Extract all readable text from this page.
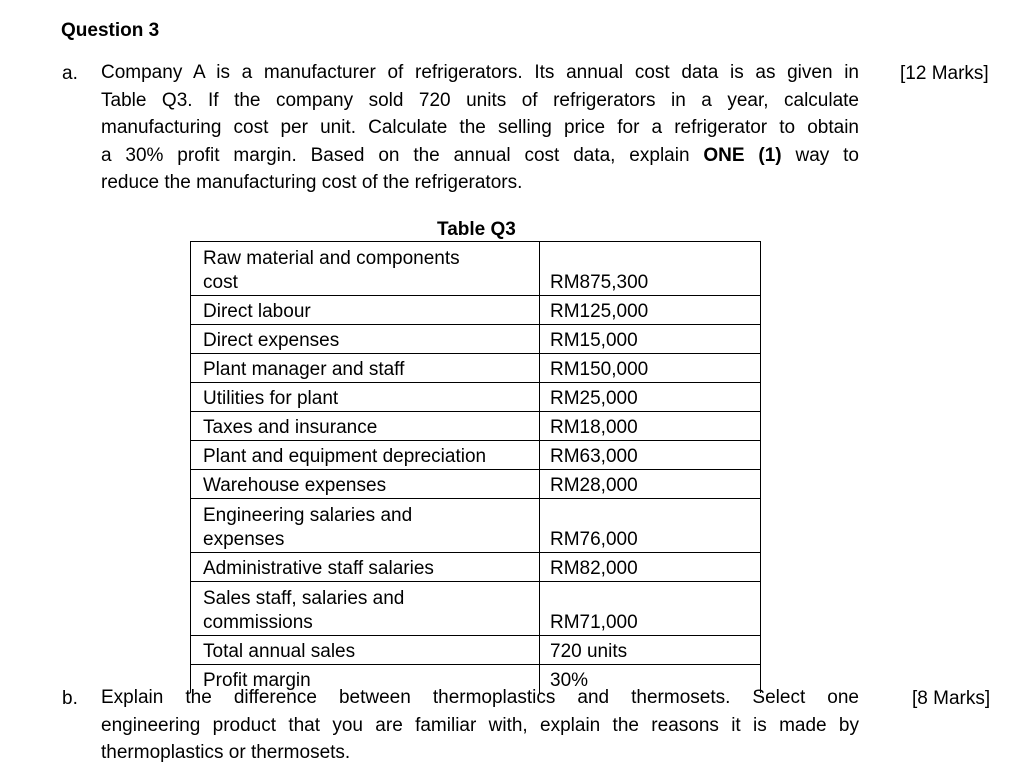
Question 3
a.	[12 Marks]
Company A is a manufacturer of refrigerators. Its annual cost data is as given in
Table Q3. If the company sold 720 units of refrigerators in a year, calculate
manufacturing cost per unit. Calculate the selling price for a refrigerator to obtain
a 30% profit margin. Based on the annual cost data, explain ONE (1) way to
reduce the manufacturing cost of the refrigerators.
Table Q3
Raw material and components
cost	RM875,300
Direct labour	RM125,000
Direct expenses	RM15,000
Plant manager and staff	RM150,000
Utilities for plant	RM25,000
Taxes and insurance	RM18,000
Plant and equipment depreciation	RM63,000
Warehouse expenses	RM28,000
Engineering salaries and
expenses	RM76,000
Administrative staff salaries	RM82,000
Sales staff, salaries and
commissions	RM71,000
Total annual sales	720 units
Profit margin	30%
b.	[8 Marks]
Explain the difference between thermoplastics and thermosets. Select one
engineering product that you are familiar with, explain the reasons it is made by
thermoplastics or thermosets.
